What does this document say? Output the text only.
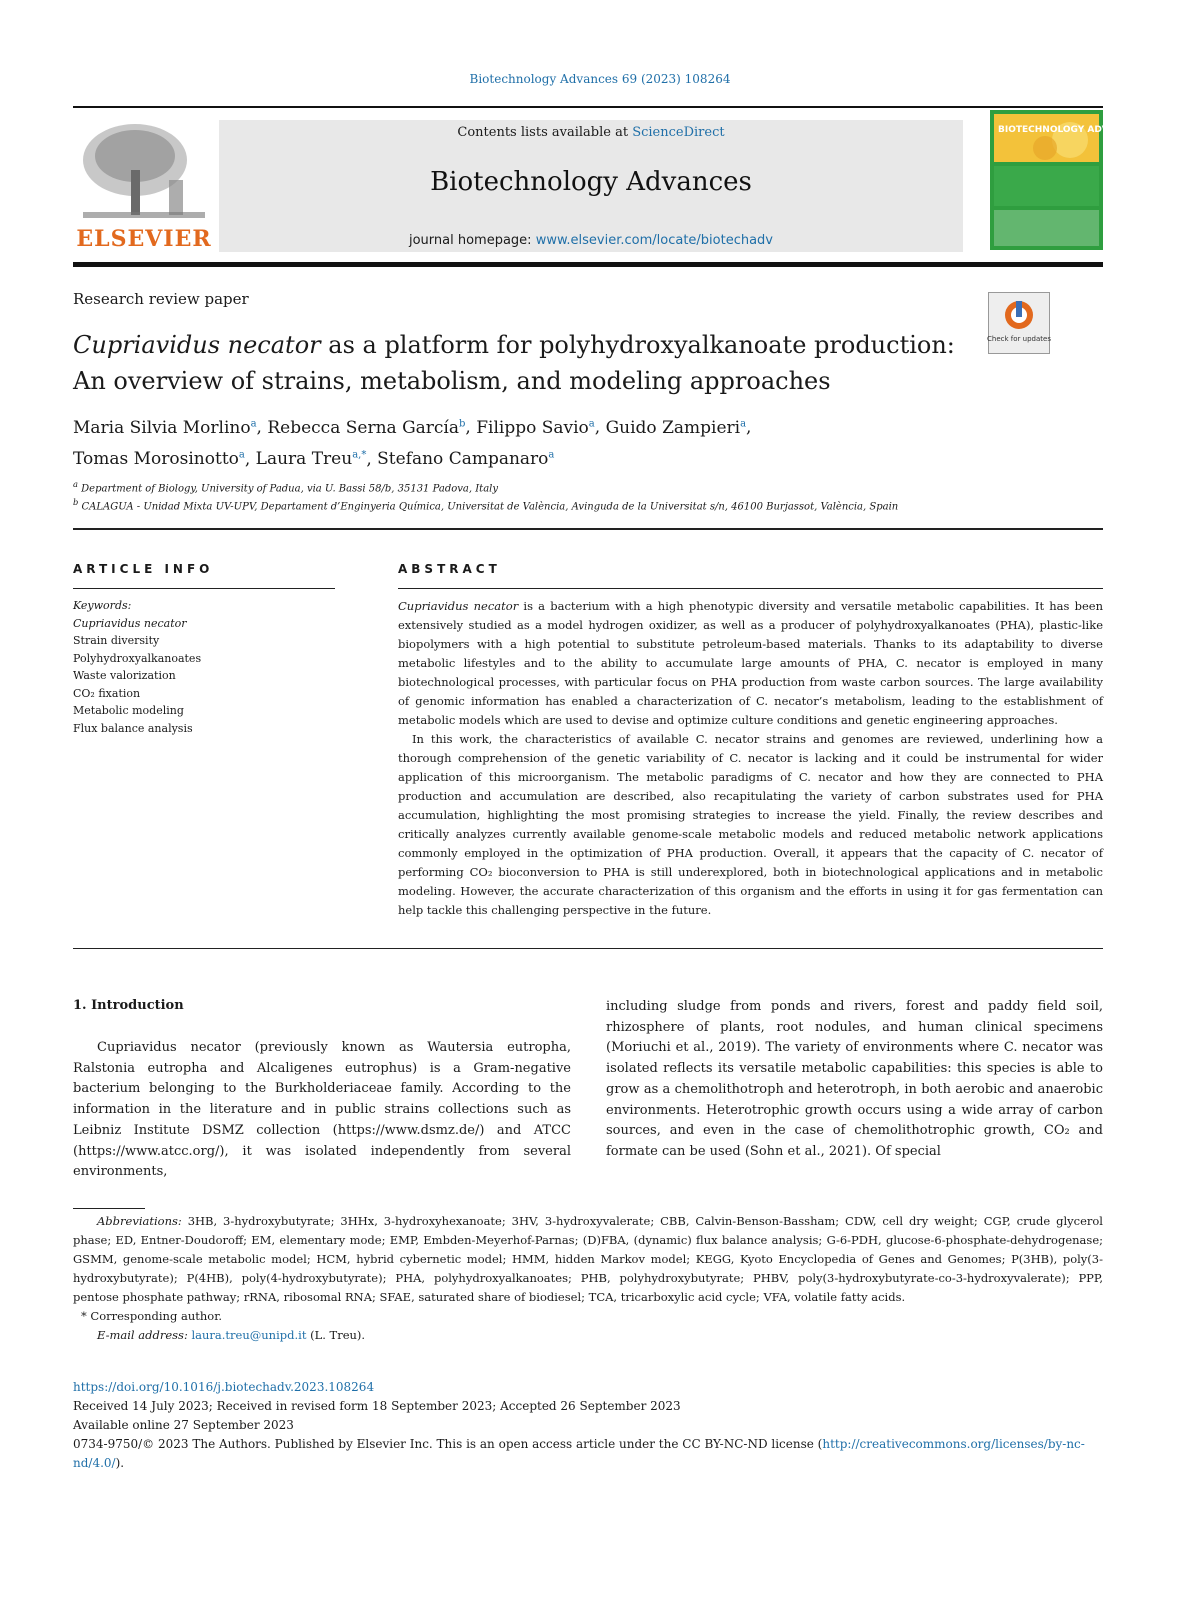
Biotechnology Advances 69 (2023) 108264
ELSEVIER
Contents lists available at ScienceDirect
Biotechnology Advances
journal homepage: www.elsevier.com/locate/biotechadv
BIOTECHNOLOGY ADVANCES
Research review paper
Cupriavidus necator as a platform for polyhydroxyalkanoate production: An overview of strains, metabolism, and modeling approaches
Check for updates
Maria Silvia Morlino$^a$, Rebecca Serna García$^b$, Filippo Savio$^a$, Guido Zampieri$^a$,
Tomas Morosinotto$^a$, Laura Treu$^{a,*}$, Stefano Campanaro$^a$
$^a$ Department of Biology, University of Padua, via U. Bassi 58/b, 35131 Padova, Italy
$^b$ CALAGUA - Unidad Mixta UV-UPV, Departament d’Enginyeria Química, Universitat de València, Avinguda de la Universitat s/n, 46100 Burjassot, València, Spain
ARTICLE INFO	ABSTRACT
Keywords:
Cupriavidus necator
Strain diversity
Polyhydroxyalkanoates
Waste valorization
CO₂ fixation
Metabolic modeling
Flux balance analysis

Cupriavidus necator is a bacterium with a high phenotypic diversity and versatile metabolic capabilities. It has been extensively studied as a model hydrogen oxidizer, as well as a producer of polyhydroxyalkanoates (PHA), plastic-like biopolymers with a high potential to substitute petroleum-based materials. Thanks to its adaptability to diverse metabolic lifestyles and to the ability to accumulate large amounts of PHA, C. necator is employed in many biotechnological processes, with particular focus on PHA production from waste carbon sources. The large availability of genomic information has enabled a characterization of C. necator’s metabolism, leading to the establishment of metabolic models which are used to devise and optimize culture conditions and genetic engineering approaches.

In this work, the characteristics of available C. necator strains and genomes are reviewed, underlining how a thorough comprehension of the genetic variability of C. necator is lacking and it could be instrumental for wider application of this microorganism. The metabolic paradigms of C. necator and how they are connected to PHA production and accumulation are described, also recapitulating the variety of carbon substrates used for PHA accumulation, highlighting the most promising strategies to increase the yield. Finally, the review describes and critically analyzes currently available genome-scale metabolic models and reduced metabolic network applications commonly employed in the optimization of PHA production. Overall, it appears that the capacity of C. necator of performing CO₂ bioconversion to PHA is still underexplored, both in biotechnological applications and in metabolic modeling. However, the accurate characterization of this organism and the efforts in using it for gas fermentation can help tackle this challenging perspective in the future.

1. Introduction

Cupriavidus necator (previously known as Wautersia eutropha, Ralstonia eutropha and Alcaligenes eutrophus) is a Gram-negative bacterium belonging to the Burkholderiaceae family. According to the information in the literature and in public strains collections such as Leibniz Institute DSMZ collection (https://www.dsmz.de/) and ATCC (https://www.atcc.org/), it was isolated independently from several environments,

including sludge from ponds and rivers, forest and paddy field soil, rhizosphere of plants, root nodules, and human clinical specimens (Moriuchi et al., 2019). The variety of environments where C. necator was isolated reflects its versatile metabolic capabilities: this species is able to grow as a chemolithotroph and heterotroph, in both aerobic and anaerobic environments. Heterotrophic growth occurs using a wide array of carbon sources, and even in the case of chemolithotrophic growth, CO₂ and formate can be used (Sohn et al., 2021). Of special

Abbreviations: 3HB, 3-hydroxybutyrate; 3HHx, 3-hydroxyhexanoate; 3HV, 3-hydroxyvalerate; CBB, Calvin-Benson-Bassham; CDW, cell dry weight; CGP, crude glycerol phase; ED, Entner-Doudoroff; EM, elementary mode; EMP, Embden-Meyerhof-Parnas; (D)FBA, (dynamic) flux balance analysis; G-6-PDH, glucose-6-phosphate-dehydrogenase; GSMM, genome-scale metabolic model; HCM, hybrid cybernetic model; HMM, hidden Markov model; KEGG, Kyoto Encyclopedia of Genes and Genomes; P(3HB), poly(3-hydroxybutyrate); P(4HB), poly(4-hydroxybutyrate); PHA, polyhydroxyalkanoates; PHB, polyhydroxybutyrate; PHBV, poly(3-hydroxybutyrate-co-3-hydroxyvalerate); PPP, pentose phosphate pathway; rRNA, ribosomal RNA; SFAE, saturated share of biodiesel; TCA, tricarboxylic acid cycle; VFA, volatile fatty acids.

* Corresponding author.

E-mail address: laura.treu@unipd.it (L. Treu).

https://doi.org/10.1016/j.biotechadv.2023.108264

Received 14 July 2023; Received in revised form 18 September 2023; Accepted 26 September 2023

Available online 27 September 2023

0734-9750/© 2023 The Authors. Published by Elsevier Inc. This is an open access article under the CC BY-NC-ND license (http://creativecommons.org/licenses/by-nc-nd/4.0/).
